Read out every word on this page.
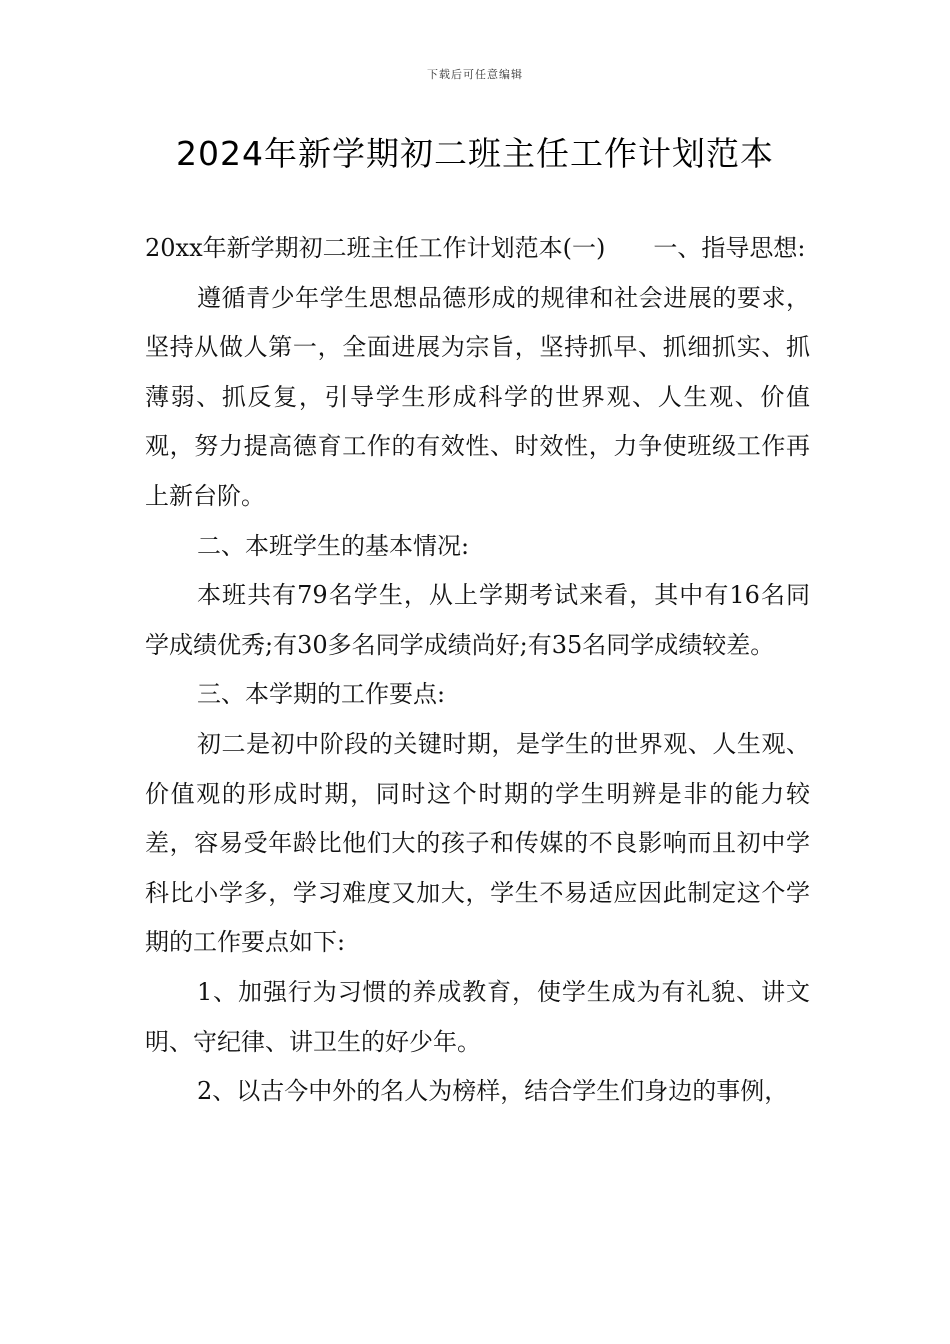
下载后可任意编辑
2024年新学期初二班主任工作计划范本

20xx年新学期初二班主任工作计划范本(一) 一、指导思想:

遵循青少年学生思想品德形成的规律和社会进展的要求，坚持从做人第一，全面进展为宗旨，坚持抓早、抓细抓实、抓薄弱、抓反复，引导学生形成科学的世界观、人生观、价值观，努力提高德育工作的有效性、时效性，力争使班级工作再上新台阶。

二、本班学生的基本情况:

本班共有79名学生，从上学期考试来看，其中有16名同学成绩优秀;有30多名同学成绩尚好;有35名同学成绩较差。

三、本学期的工作要点:

初二是初中阶段的关键时期，是学生的世界观、人生观、价值观的形成时期，同时这个时期的学生明辨是非的能力较差，容易受年龄比他们大的孩子和传媒的不良影响而且初中学科比小学多，学习难度又加大，学生不易适应因此制定这个学期的工作要点如下:

1、加强行为习惯的养成教育，使学生成为有礼貌、讲文明、守纪律、讲卫生的好少年。

2、以古今中外的名人为榜样，结合学生们身边的事例，
